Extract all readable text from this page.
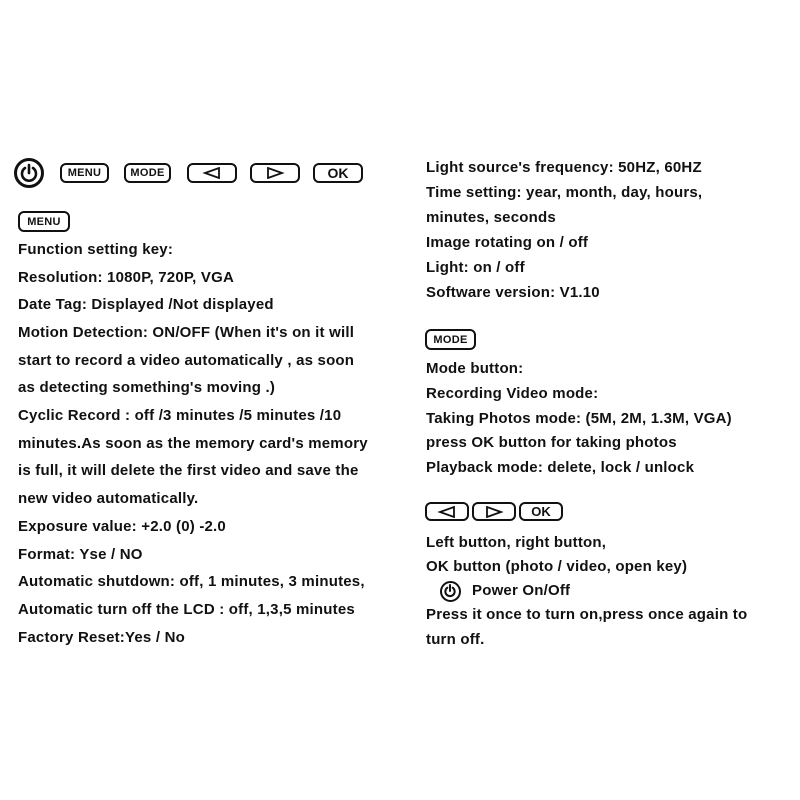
MENU	MODE	OK
MENU
Function setting key:
Resolution: 1080P, 720P, VGA
Date Tag: Displayed /Not displayed
Motion Detection: ON/OFF (When it's on it will
start to record a video automatically , as soon
as detecting something's moving .)
Cyclic Record : off /3 minutes /5 minutes /10
minutes.As soon as the memory card's memory
is full, it will delete the first video and save the
new video automatically.
Exposure value: +2.0 (0) -2.0
Format: Yse / NO
Automatic shutdown: off, 1 minutes, 3 minutes,
Automatic turn off the LCD : off, 1,3,5 minutes
Factory Reset:Yes / No
Light source's frequency: 50HZ, 60HZ
Time setting: year, month, day, hours,
minutes, seconds
Image rotating on / off
Light: on / off
Software version: V1.10
MODE
Mode button:
Recording Video mode:
Taking Photos mode: (5M, 2M, 1.3M, VGA)
press OK button for taking photos
Playback mode: delete, lock / unlock
OK
Left button, right button,
OK button (photo / video, open key)
Power On/Off
Press it once to turn on,press once again to
turn off.
